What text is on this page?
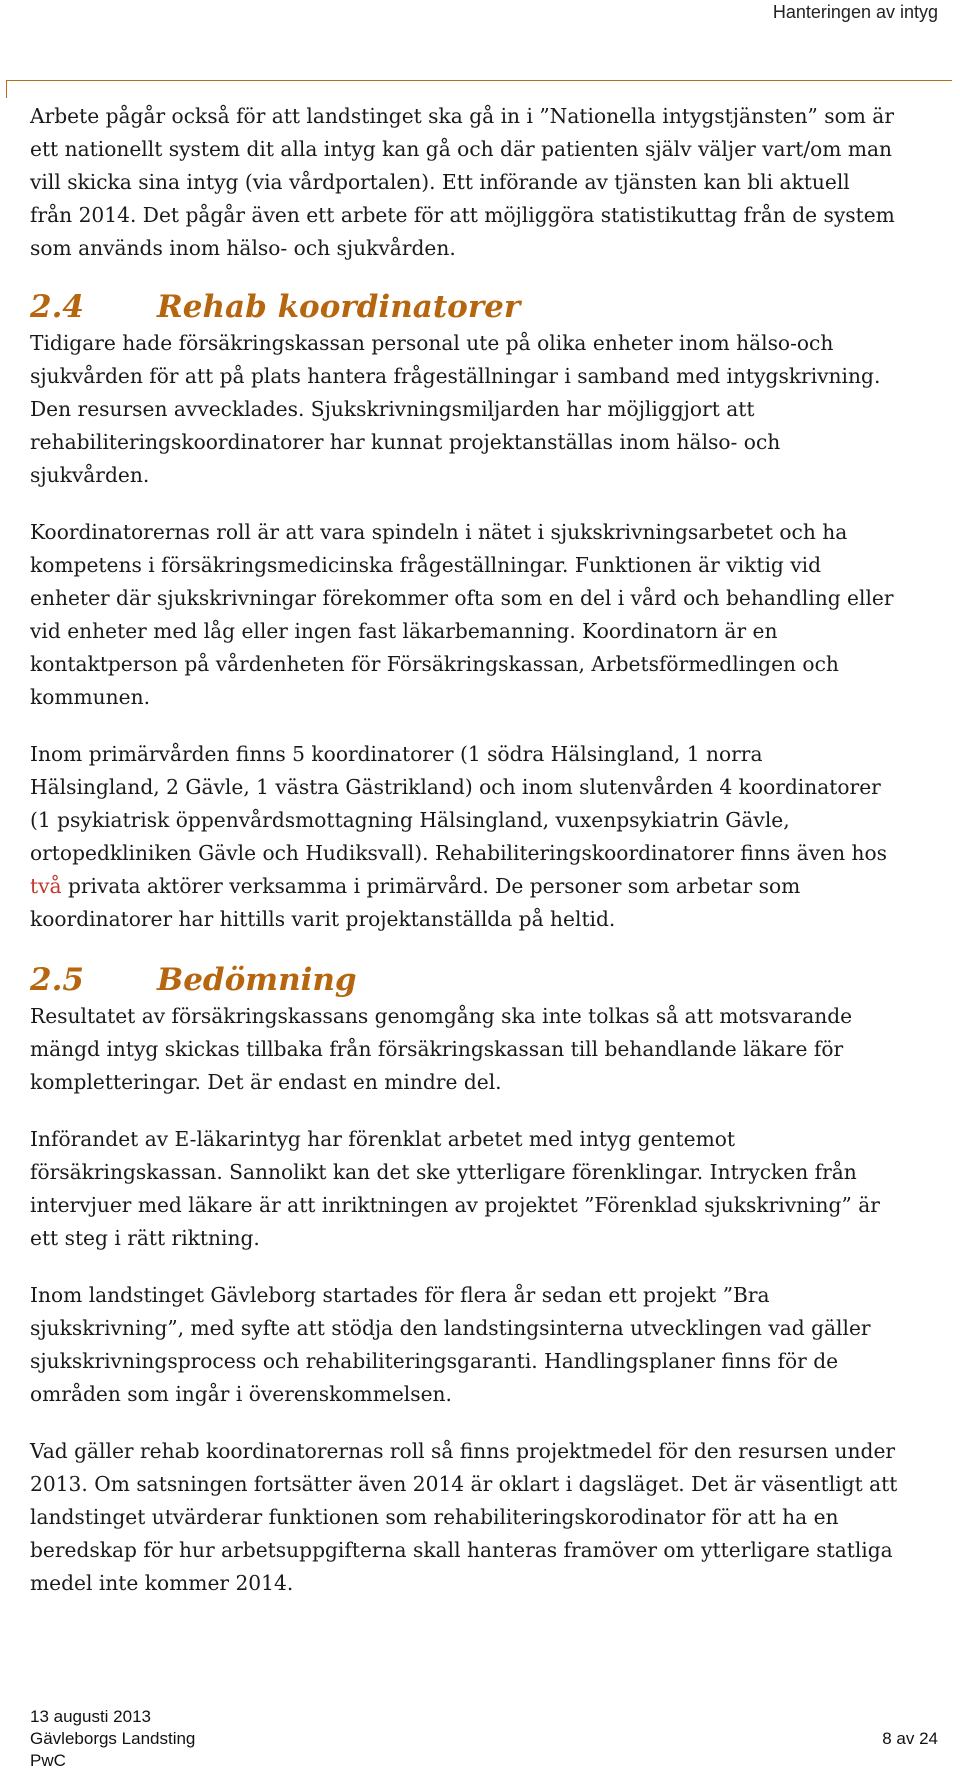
Hanteringen av intyg

Arbete pågår också för att landstinget ska gå in i ”Nationella intygstjänsten” som är
ett nationellt system dit alla intyg kan gå och där patienten själv väljer vart/om man
vill skicka sina intyg (via vårdportalen). Ett införande av tjänsten kan bli aktuell
från 2014. Det pågår även ett arbete för att möjliggöra statistikuttag från de system
som används inom hälso- och sjukvården.

2.4 Rehab koordinatorer

Tidigare hade försäkringskassan personal ute på olika enheter inom hälso-och
sjukvården för att på plats hantera frågeställningar i samband med intygskrivning.
Den resursen avvecklades. Sjukskrivningsmiljarden har möjliggjort att
rehabiliteringskoordinatorer har kunnat projektanställas inom hälso- och
sjukvården.

Koordinatorernas roll är att vara spindeln i nätet i sjukskrivningsarbetet och ha
kompetens i försäkringsmedicinska frågeställningar. Funktionen är viktig vid
enheter där sjukskrivningar förekommer ofta som en del i vård och behandling eller
vid enheter med låg eller ingen fast läkarbemanning. Koordinatorn är en
kontaktperson på vårdenheten för Försäkringskassan, Arbetsförmedlingen och
kommunen.

Inom primärvården finns 5 koordinatorer (1 södra Hälsingland, 1 norra
Hälsingland, 2 Gävle, 1 västra Gästrikland) och inom slutenvården 4 koordinatorer
(1 psykiatrisk öppenvårdsmottagning Hälsingland, vuxenpsykiatrin Gävle,
ortopedkliniken Gävle och Hudiksvall). Rehabiliteringskoordinatorer finns även hos
två privata aktörer verksamma i primärvård. De personer som arbetar som
koordinatorer har hittills varit projektanställda på heltid.

2.5 Bedömning

Resultatet av försäkringskassans genomgång ska inte tolkas så att motsvarande
mängd intyg skickas tillbaka från försäkringskassan till behandlande läkare för
kompletteringar. Det är endast en mindre del.

Införandet av E-läkarintyg har förenklat arbetet med intyg gentemot
försäkringskassan. Sannolikt kan det ske ytterligare förenklingar. Intrycken från
intervjuer med läkare är att inriktningen av projektet ”Förenklad sjukskrivning” är
ett steg i rätt riktning.

Inom landstinget Gävleborg startades för flera år sedan ett projekt ”Bra
sjukskrivning”, med syfte att stödja den landstingsinterna utvecklingen vad gäller
sjukskrivningsprocess och rehabiliteringsgaranti. Handlingsplaner finns för de
områden som ingår i överenskommelsen.

Vad gäller rehab koordinatorernas roll så finns projektmedel för den resursen under
2013. Om satsningen fortsätter även 2014 är oklart i dagsläget. Det är väsentligt att
landstinget utvärderar funktionen som rehabiliteringskorodinator för att ha en
beredskap för hur arbetsuppgifterna skall hanteras framöver om ytterligare statliga
medel inte kommer 2014.

13 augusti 2013
Gävleborgs Landsting
PwC
8 av 24
